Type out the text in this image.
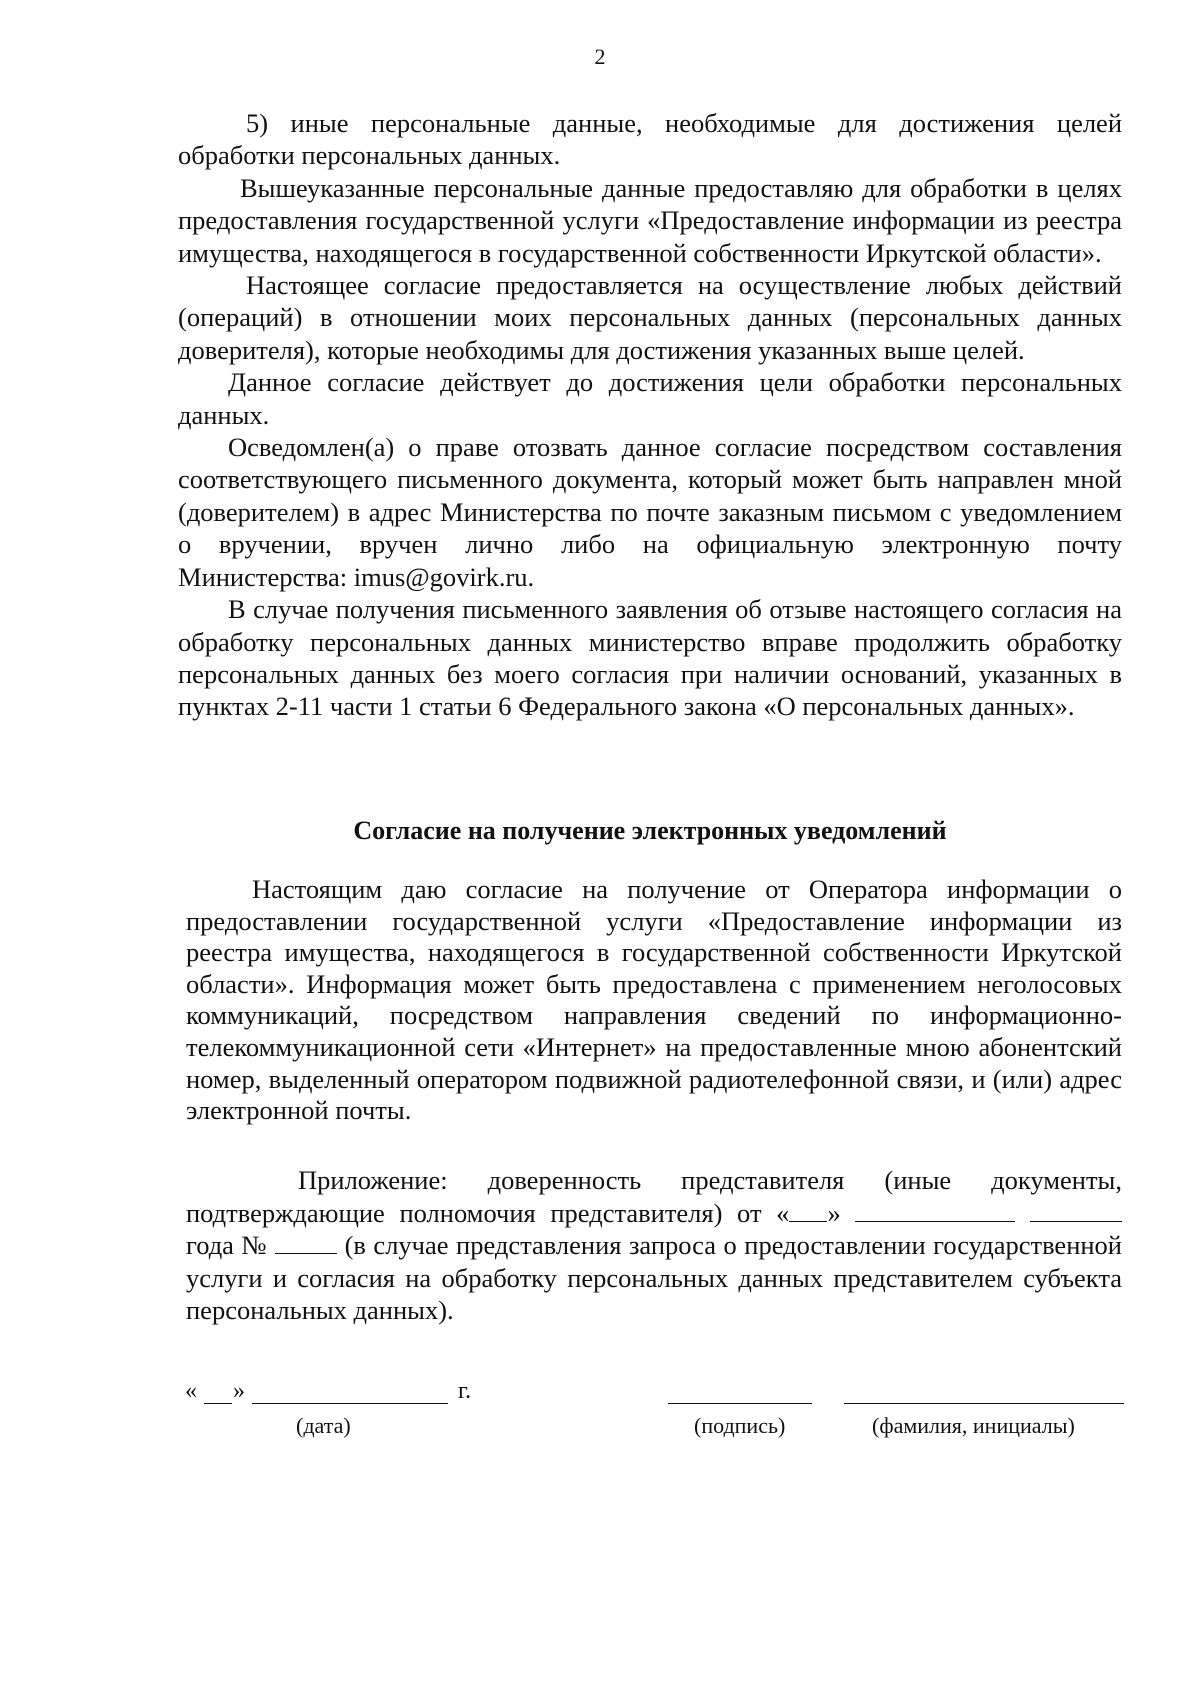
2

5) иные персональные данные, необходимые для достижения целей обработки персональных данных.

Вышеуказанные персональные данные предоставляю для обработки в целях предоставления государственной услуги «Предоставление информации из реестра имущества, находящегося в государственной собственности Иркутской области».

Настоящее согласие предоставляется на осуществление любых действий (операций) в отношении моих персональных данных (персональных данных доверителя), которые необходимы для достижения указанных выше целей.

Данное согласие действует до достижения цели обработки персональных данных.

Осведомлен(а) о праве отозвать данное согласие посредством составления соответствующего письменного документа, который может быть направлен мной (доверителем) в адрес Министерства по почте заказным письмом с уведомлением о вручении, вручен лично либо на официальную электронную почту Министерства: imus@govirk.ru.

В случае получения письменного заявления об отзыве настоящего согласия на обработку персональных данных министерство вправе продолжить обработку персональных данных без моего согласия при наличии оснований, указанных в пунктах 2-11 части 1 статьи 6 Федерального закона «О персональных данных».

Согласие на получение электронных уведомлений

Настоящим даю согласие на получение от Оператора информации о предоставлении государственной услуги «Предоставление информации из реестра имущества, находящегося в государственной собственности Иркутской области». Информация может быть предоставлена с применением неголосовых коммуникаций, посредством направления сведений по информационно-телекоммуникационной сети «Интернет» на предоставленные мною абонентский номер, выделенный оператором подвижной радиотелефонной связи, и (или) адрес электронной почты.

Приложение: доверенность представителя (иные документы, подтверждающие полномочия представителя) от « »   года №	(в случае представления запроса о предоставлении государственной услуги и согласия на обработку персональных данных представителем субъекта персональных данных).

« »	г.
(дата)	(подпись)	(фамилия, инициалы)
